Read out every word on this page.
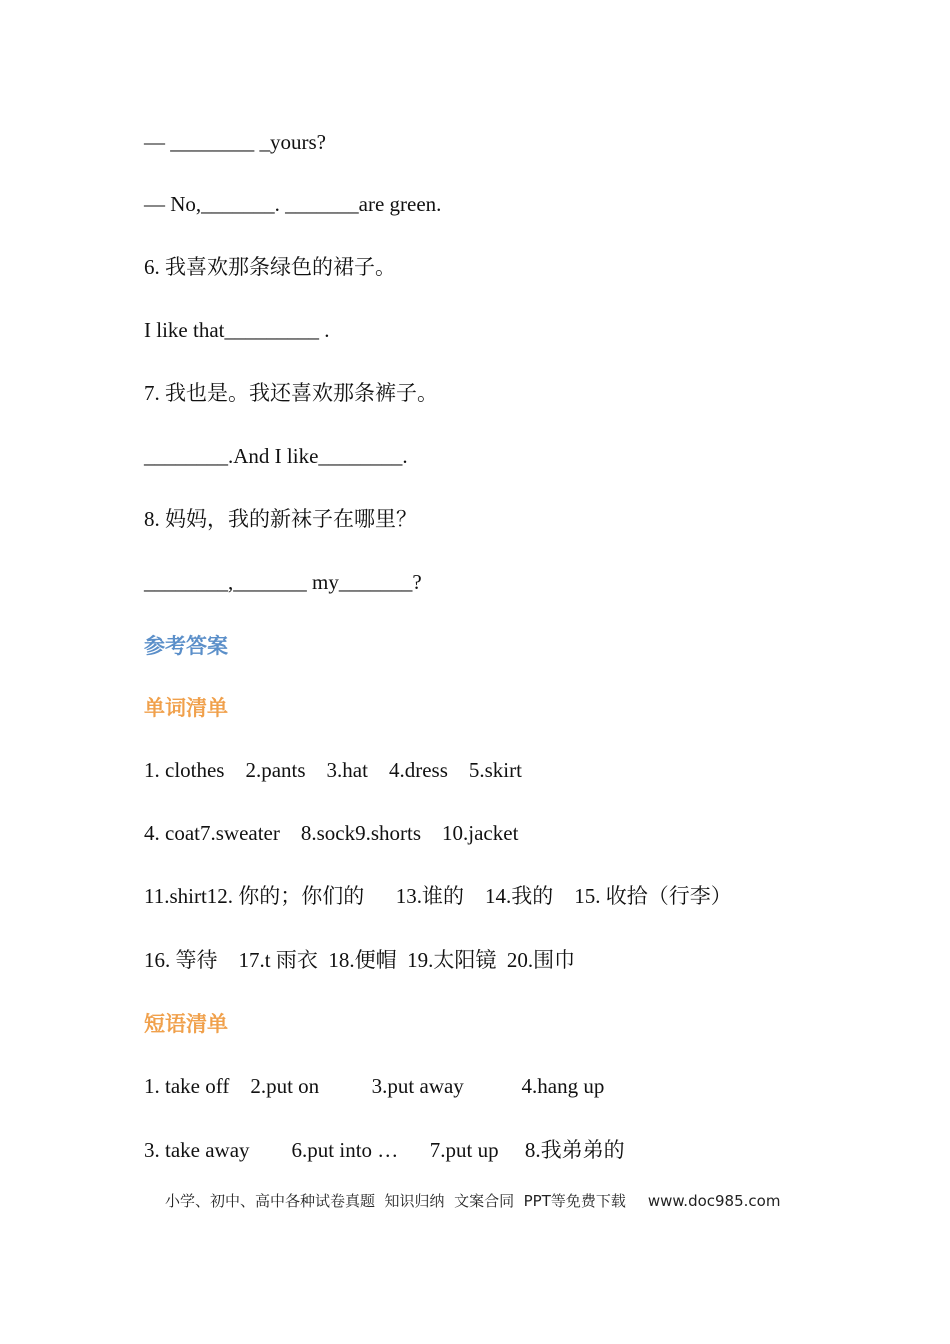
— ________ _yours?
— No,_______. _______are green.
6. 我喜欢那条绿色的裙子。
I like that_________ .
7. 我也是。我还喜欢那条裤子。
________.And I like________.
8. 妈妈，我的新袜子在哪里？
________,_______ my_______?
参考答案
单词清单
1. clothes    2.pants    3.hat    4.dress    5.skirt
4. coat7.sweater    8.sock9.shorts    10.jacket
11.shirt12. 你的；你们的      13.谁的    14.我的    15. 收拾（行李）
16. 等待    17.t 雨衣  18.便帽  19.太阳镜  20.围巾
短语清单
1. take off    2.put on          3.put away           4.hang up
3. take away        6.put into …      7.put up     8.我弟弟的
小学、初中、高中各种试卷真题  知识归纳  文案合同  PPT等免费下载 www.doc985.com
